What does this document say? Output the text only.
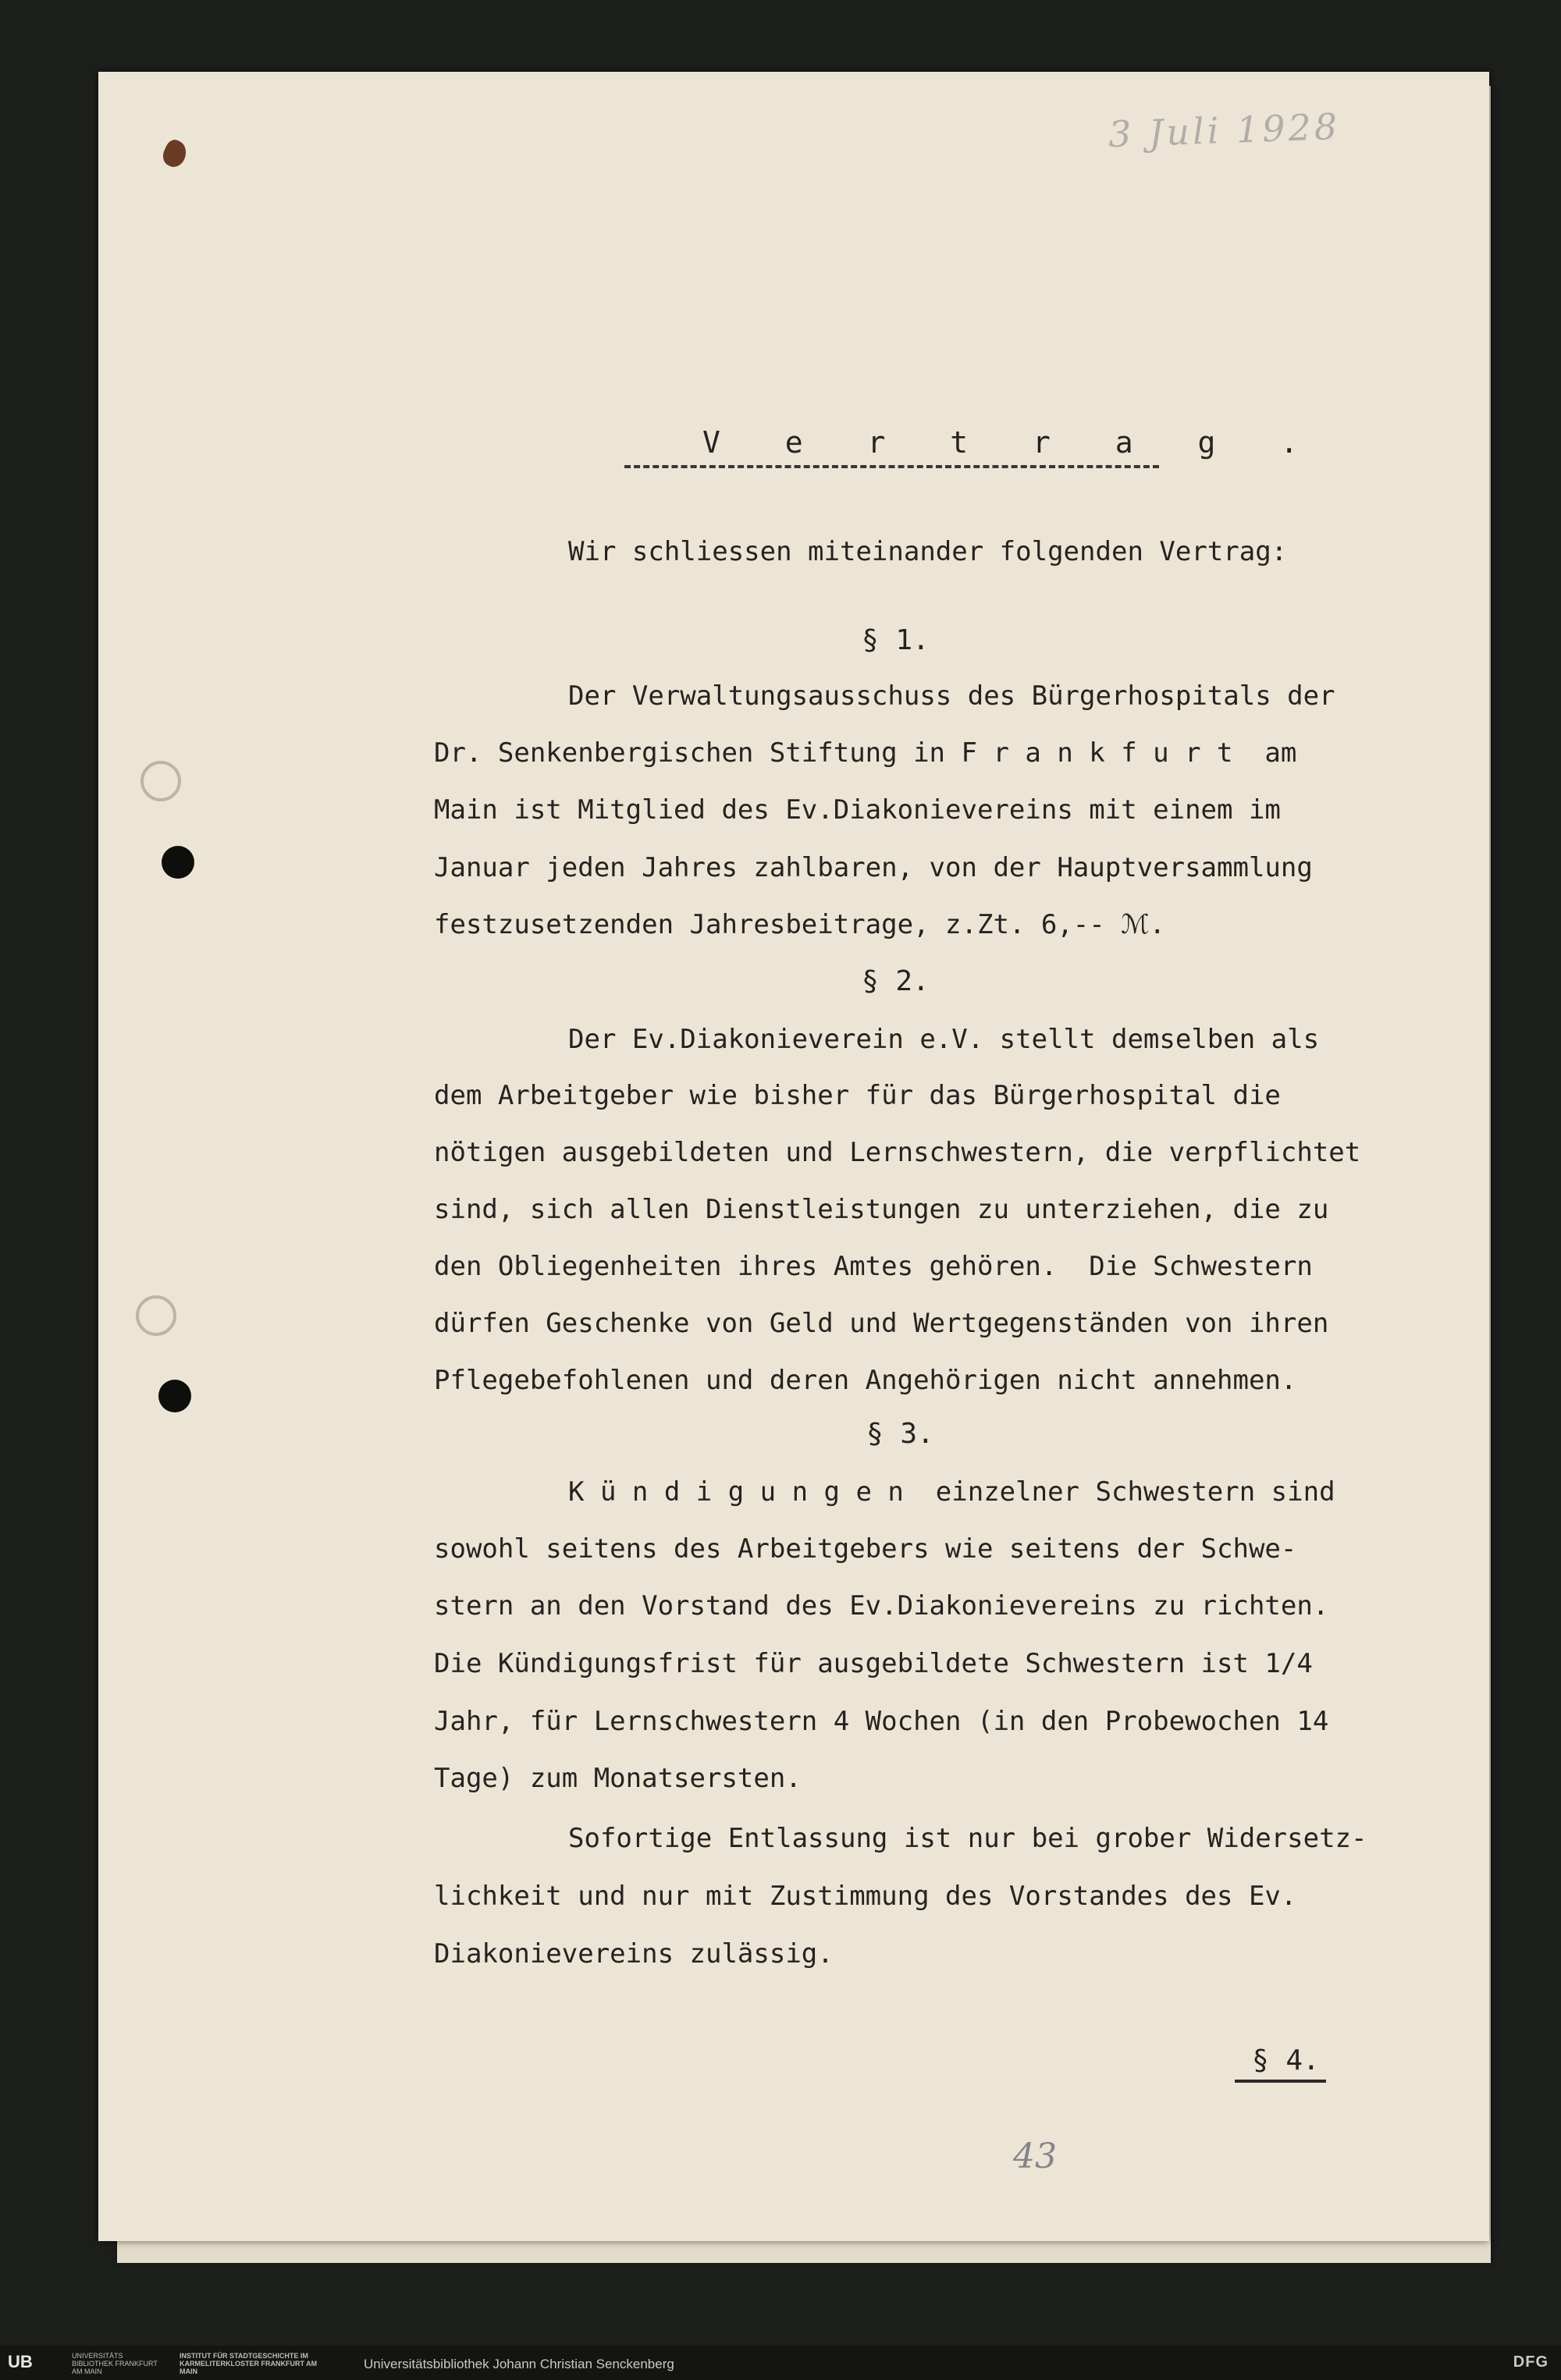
3 Juli 1928
V e r t r a g .
Wir schliessen miteinander folgenden Vertrag:
§ 1.
Der Verwaltungsausschuss des Bürgerhospitals der
Dr. Senkenbergischen Stiftung in F r a n k f u r t  am
Main ist Mitglied des Ev.Diakonievereins mit einem im
Januar jeden Jahres zahlbaren, von der Hauptversammlung
festzusetzenden Jahresbeitrage, z.Zt. 6,-- ℳ.
§ 2.
Der Ev.Diakonieverein e.V. stellt demselben als
dem Arbeitgeber wie bisher für das Bürgerhospital die
nötigen ausgebildeten und Lernschwestern, die verpflichtet
sind, sich allen Dienstleistungen zu unterziehen, die zu
den Obliegenheiten ihres Amtes gehören.  Die Schwestern
dürfen Geschenke von Geld und Wertgegenständen von ihren
Pflegebefohlenen und deren Angehörigen nicht annehmen.
§ 3.
K ü n d i g u n g e n  einzelner Schwestern sind
sowohl seitens des Arbeitgebers wie seitens der Schwe-
stern an den Vorstand des Ev.Diakonievereins zu richten.
Die Kündigungsfrist für ausgebildete Schwestern ist 1/4
Jahr, für Lernschwestern 4 Wochen (in den Probewochen 14
Tage) zum Monatsersten.
Sofortige Entlassung ist nur bei grober Widersetz-
lichkeit und nur mit Zustimmung des Vorstandes des Ev.
Diakonievereins zulässig.
§ 4.
43
UB	UNIVERSITÄTS BIBLIOTHEK FRANKFURT AM MAIN
INSTITUT FÜR STADTGESCHICHTE IM KARMELITERKLOSTER FRANKFURT AM MAIN	Universitätsbibliothek Johann Christian Senckenberg	DFG
